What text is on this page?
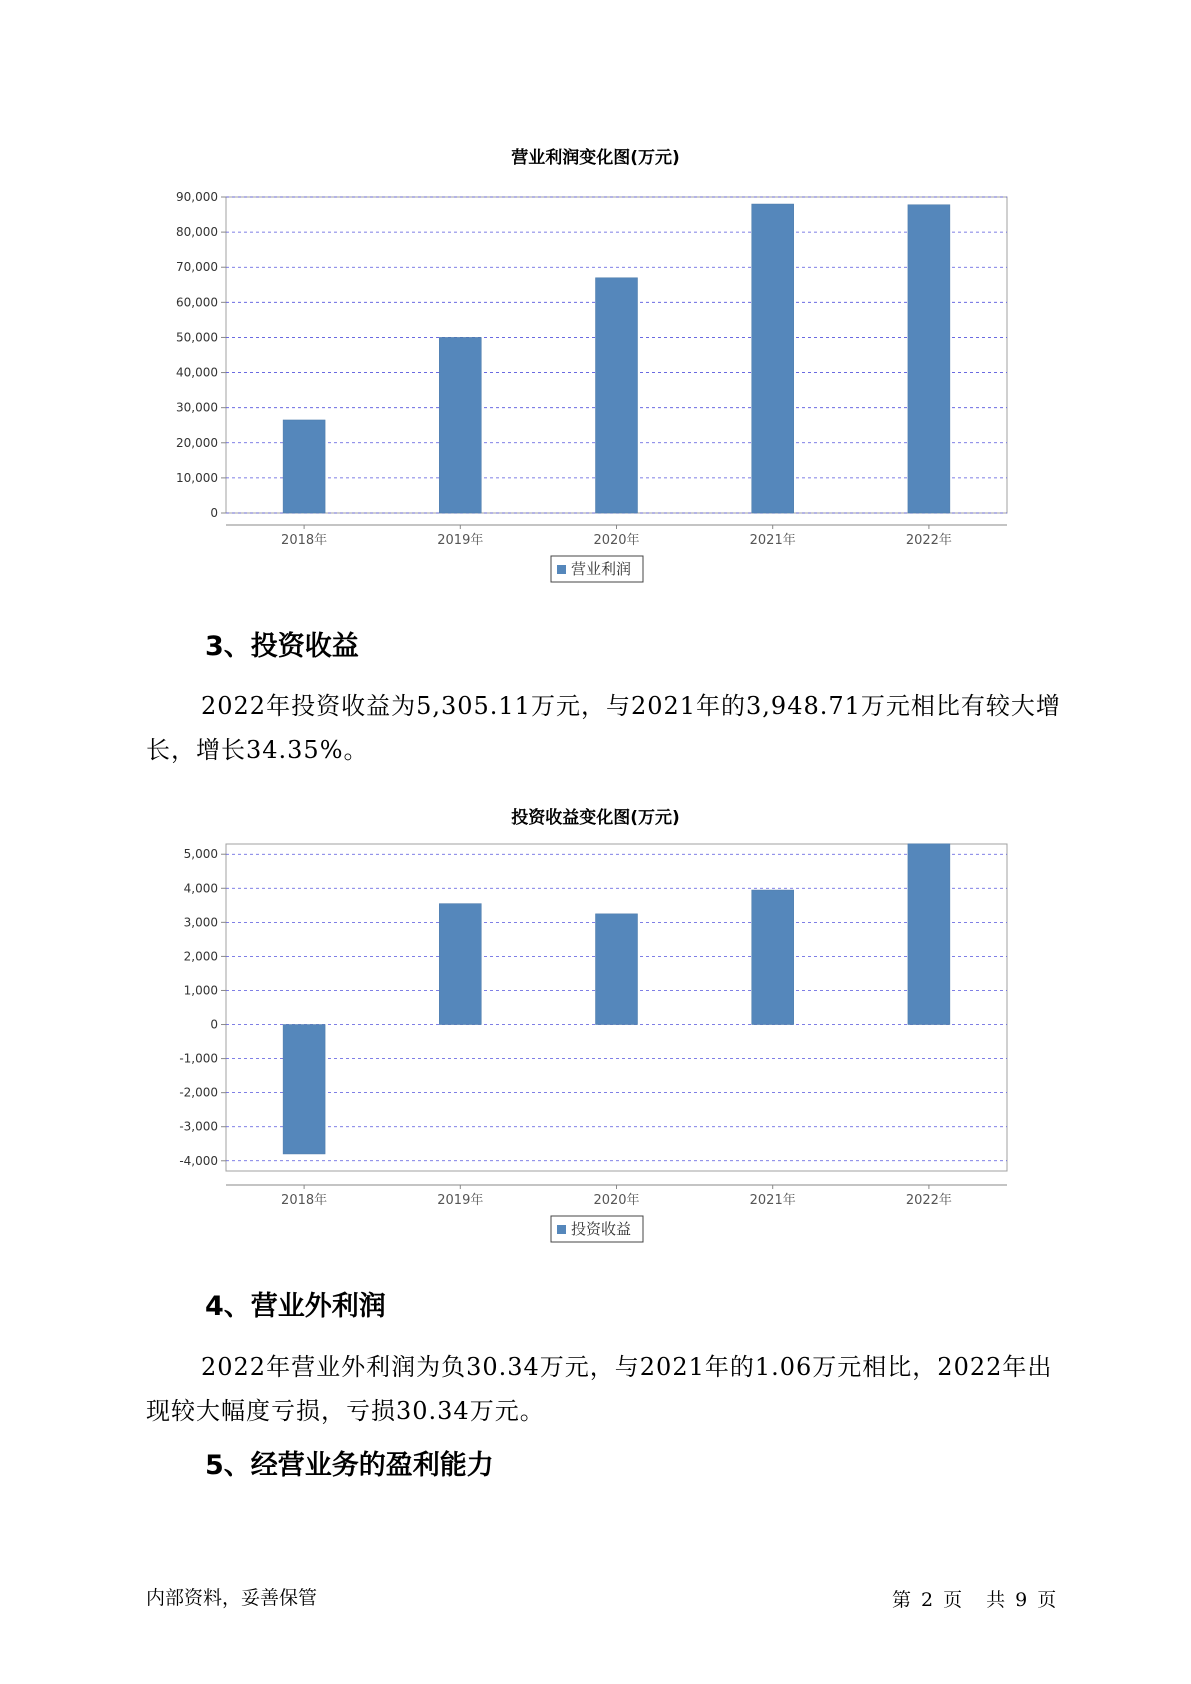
营业利润变化图(万元)
0
10,000
20,000
30,000
40,000
50,000
60,000
70,000
80,000
90,000
2018年	2019年	2020年	2021年	2022年
营业利润
3、投资收益
2022年投资收益为5,305.11万元，与2021年的3,948.71万元相比有较大增长，增长34.35%。
投资收益变化图(万元)
-4,000
-3,000
-2,000
-1,000
0
1,000
2,000
3,000
4,000
5,000
2018年	2019年	2020年	2021年	2022年
投资收益
4、营业外利润
2022年营业外利润为负30.34万元，与2021年的1.06万元相比，2022年出现较大幅度亏损，亏损30.34万元。
5、经营业务的盈利能力
内部资料，妥善保管	第 2 页 共 9 页
